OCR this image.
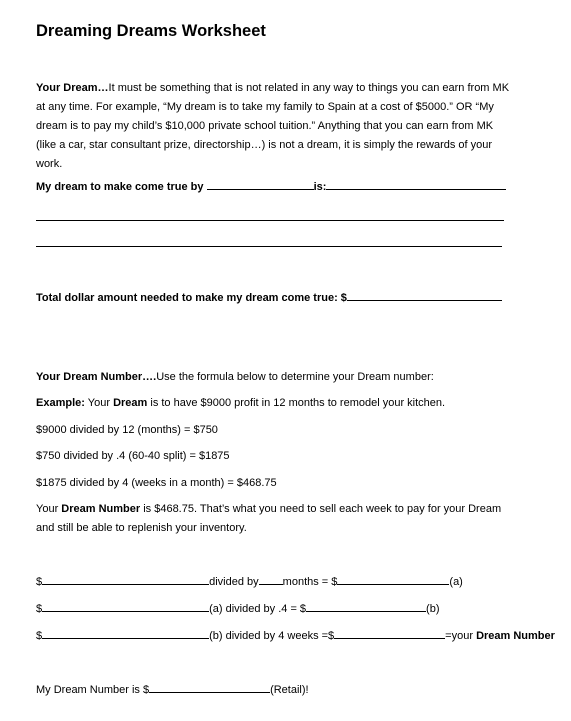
Dreaming Dreams Worksheet
Your Dream…It must be something that is not related in any way to things you can earn from MK at any time. For example, “My dream is to take my family to Spain at a cost of $5000.” OR “My dream is to pay my child’s $10,000 private school tuition.” Anything that you can earn from MK (like a car, star consultant prize, directorship…) is not a dream, it is simply the rewards of your work.
My dream to make come true by	is:
Total dollar amount needed to make my dream come true: $
Your Dream Number….Use the formula below to determine your Dream number:
Example: Your Dream is to have $9000 profit in 12 months to remodel your kitchen.
$9000 divided by 12 (months) = $750
$750 divided by .4 (60-40 split) = $1875
$1875 divided by 4 (weeks in a month) = $468.75
Your Dream Number is $468.75. That’s what you need to sell each week to pay for your Dream and still be able to replenish your inventory.
$	divided by months = $	(a)
$	(a) divided by .4 = $	(b)
$	(b) divided by 4 weeks =$	=your Dream Number
My Dream Number is $	(Retail)!
